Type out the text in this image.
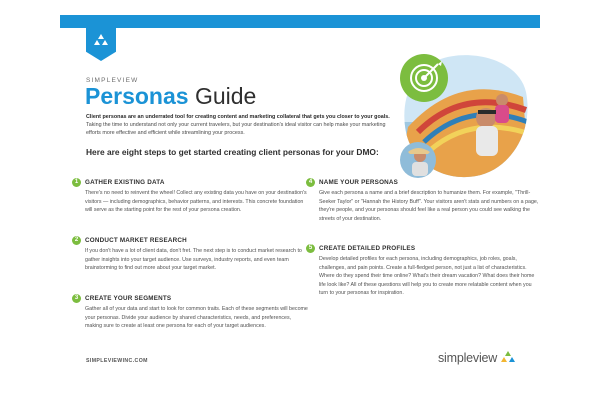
SIMPLEVIEW
Personas Guide
Client personas are an underrated tool for creating content and marketing collateral that gets you closer to your goals. Taking the time to understand not only your current travelers, but your destination's ideal visitor can help make your marketing efforts more effective and efficient while streamlining your process.
Here are eight steps to get started creating client personas for your DMO:
1	GATHER EXISTING DATA
There's no need to reinvent the wheel! Collect any existing data you have on your destination's visitors — including demographics, behavior patterns, and interests. This concrete foundation will serve as the starting point for the rest of your persona creation.
2	CONDUCT MARKET RESEARCH
If you don't have a lot of client data, don't fret. The next step is to conduct market research to gather insights into your target audience. Use surveys, industry reports, and even team brainstorming to find out more about your target market.
3	CREATE YOUR SEGMENTS
Gather all of your data and start to look for common traits. Each of these segments will become your personas. Divide your audience by shared characteristics, needs, and preferences, making sure to create at least one persona for each of your target audiences.
4	NAME YOUR PERSONAS
Give each persona a name and a brief description to humanize them. For example, "Thrill-Seeker Taylor" or "Hannah the History Buff". Your visitors aren't stats and numbers on a page, they're people, and your personas should feel like a real person you could see walking the streets of your destination.
5	CREATE DETAILED PROFILES
Develop detailed profiles for each persona, including demographics, job roles, goals, challenges, and pain points. Create a full-fledged person, not just a list of characteristics. Where do they spend their time online? What's their dream vacation? What does their home life look like? All of these questions will help you to create more relatable content when you turn to your personas for inspiration.
SIMPLEVIEWINC.COM	simpleview
